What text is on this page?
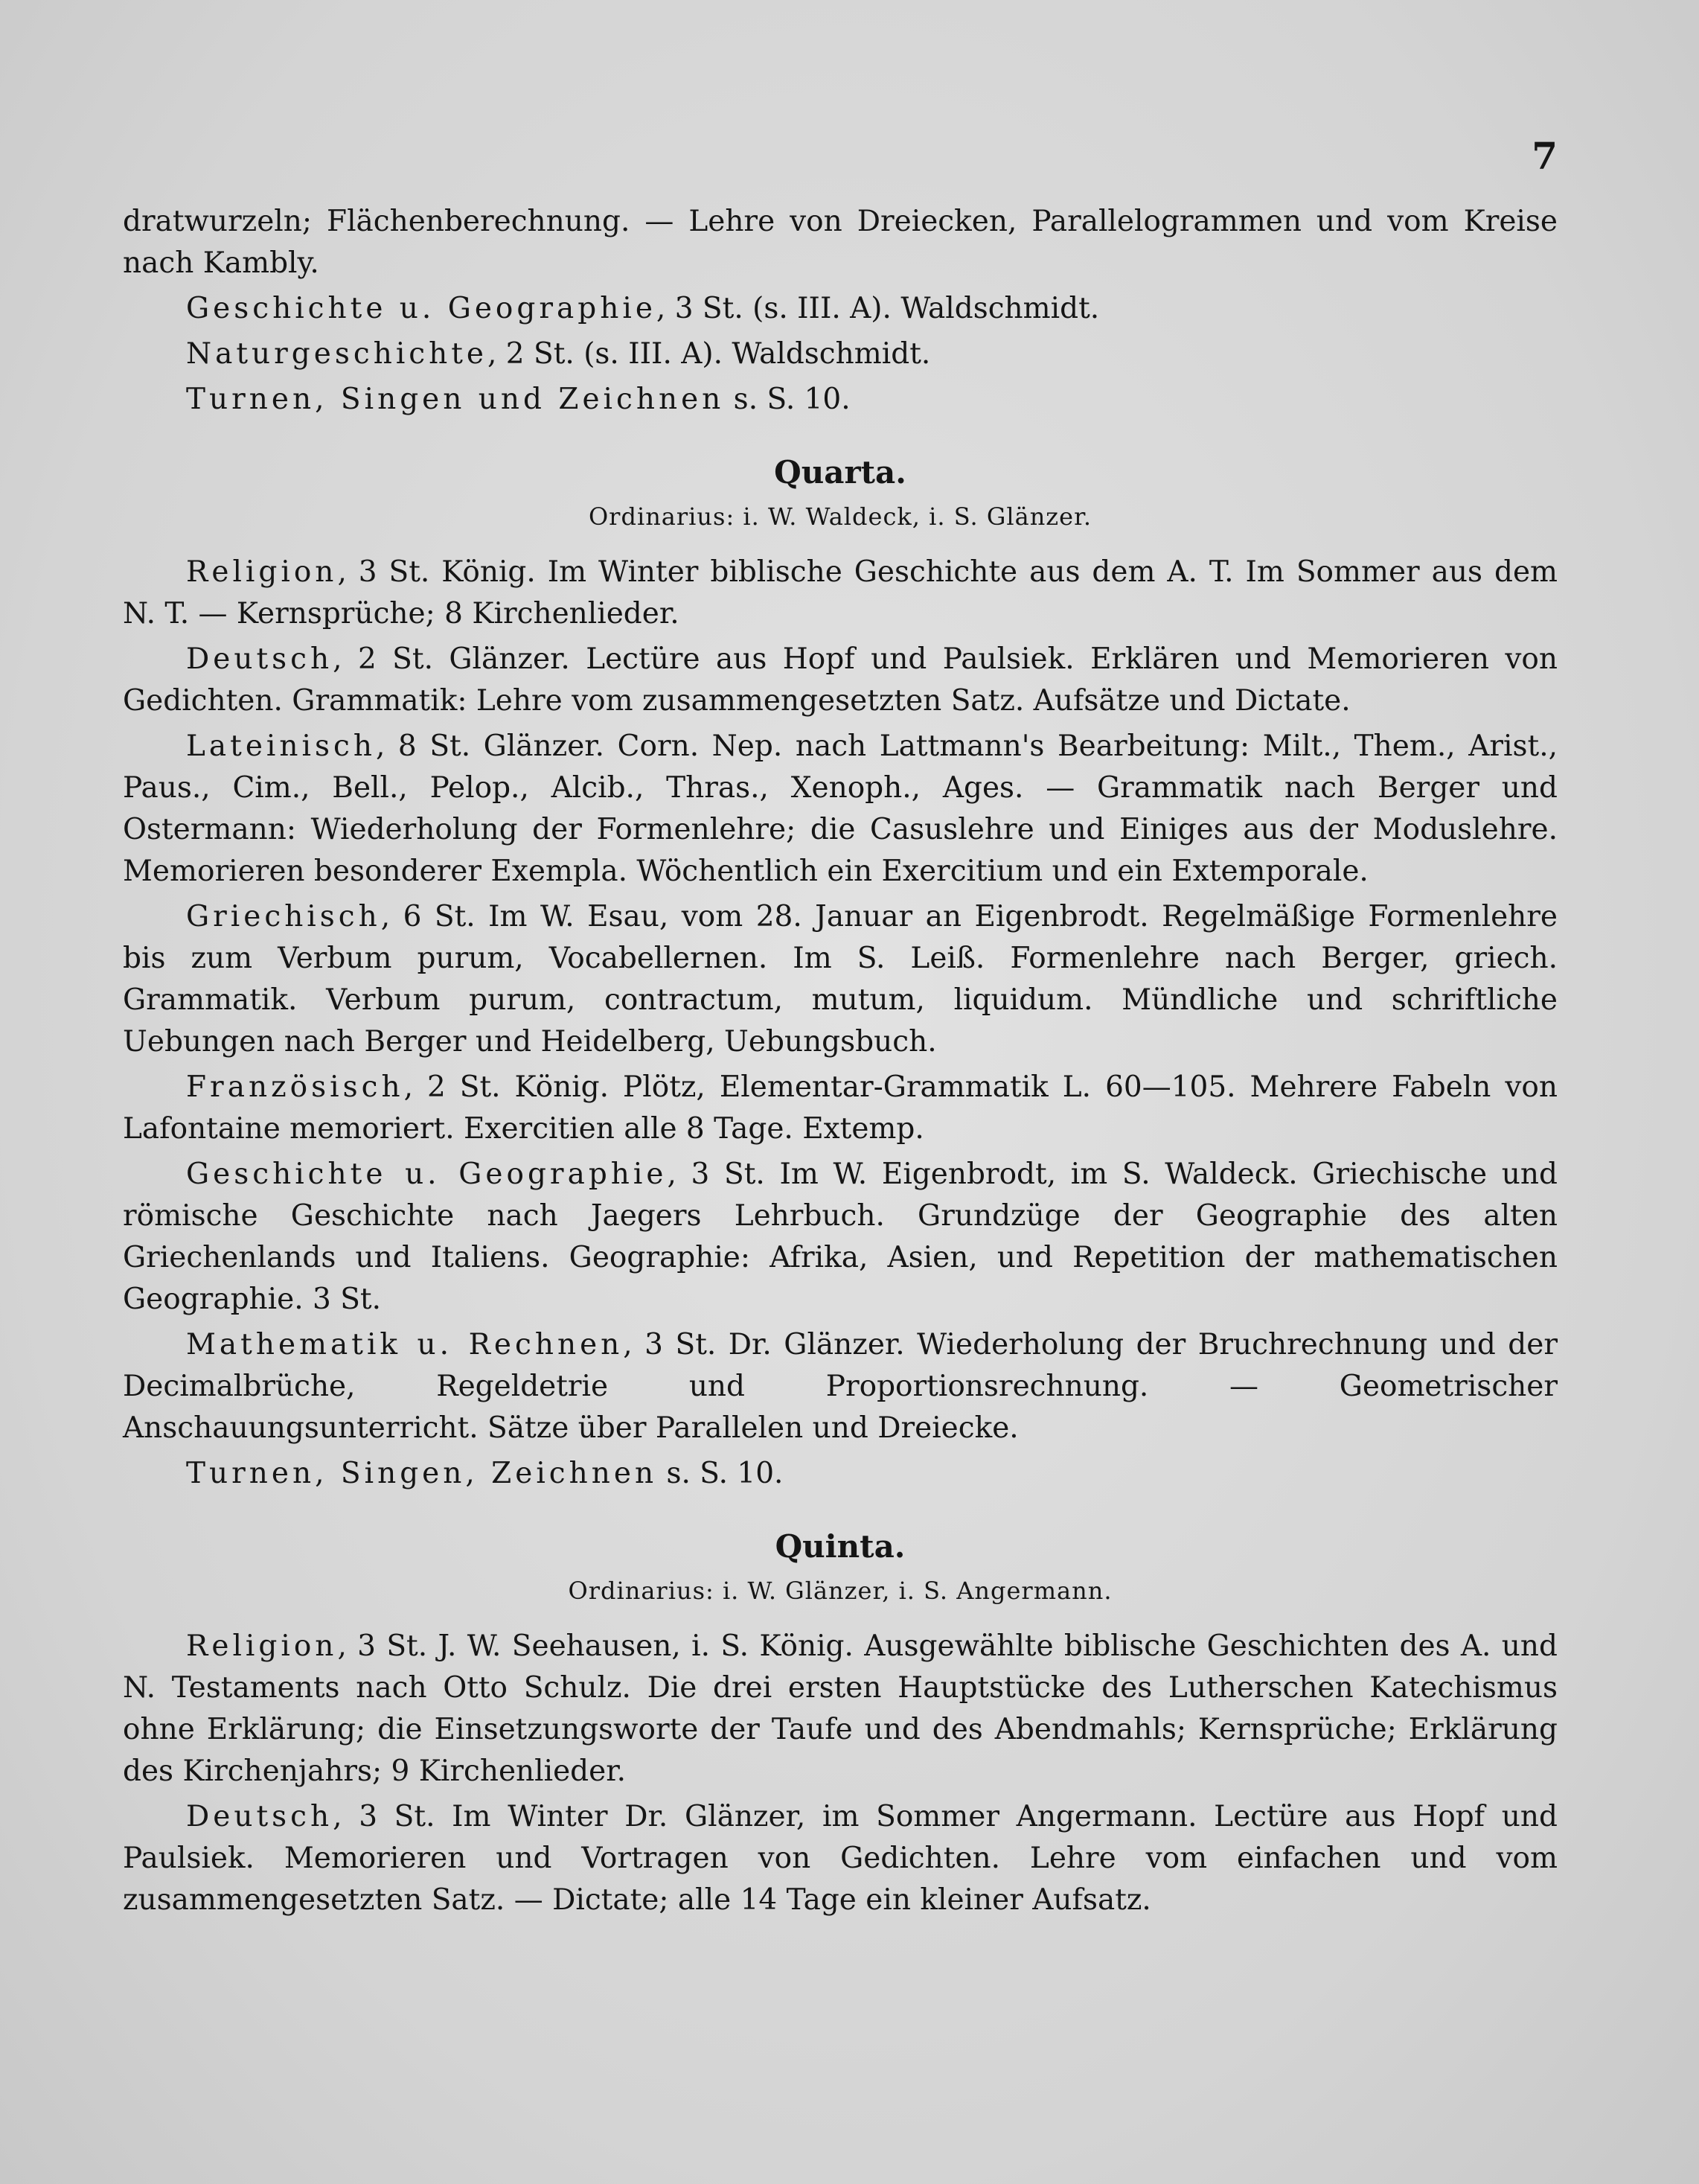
7

dratwurzeln; Flächenberechnung. — Lehre von Dreiecken, Parallelogrammen und vom Kreise nach Kambly.

Geschichte u. Geographie, 3 St. (s. III. A). Waldschmidt.

Naturgeschichte, 2 St. (s. III. A). Waldschmidt.

Turnen, Singen und Zeichnen s. S. 10.

Quarta.
Ordinarius: i. W. Waldeck, i. S. Glänzer.

Religion, 3 St. König. Im Winter biblische Geschichte aus dem A. T. Im Sommer aus dem N. T. — Kernsprüche; 8 Kirchenlieder.

Deutsch, 2 St. Glänzer. Lectüre aus Hopf und Paulsiek. Erklären und Memorieren von Gedichten. Grammatik: Lehre vom zusammengesetzten Satz. Aufsätze und Dictate.

Lateinisch, 8 St. Glänzer. Corn. Nep. nach Lattmann's Bearbeitung: Milt., Them., Arist., Paus., Cim., Bell., Pelop., Alcib., Thras., Xenoph., Ages. — Grammatik nach Berger und Ostermann: Wiederholung der Formenlehre; die Casuslehre und Einiges aus der Moduslehre. Memorieren besonderer Exempla. Wöchentlich ein Exercitium und ein Extemporale.

Griechisch, 6 St. Im W. Esau, vom 28. Januar an Eigenbrodt. Regelmäßige Formenlehre bis zum Verbum purum, Vocabellernen. Im S. Leiß. Formenlehre nach Berger, griech. Grammatik. Verbum purum, contractum, mutum, liquidum. Mündliche und schriftliche Uebungen nach Berger und Heidelberg, Uebungsbuch.

Französisch, 2 St. König. Plötz, Elementar-Grammatik L. 60—105. Mehrere Fabeln von Lafontaine memoriert. Exercitien alle 8 Tage. Extemp.

Geschichte u. Geographie, 3 St. Im W. Eigenbrodt, im S. Waldeck. Griechische und römische Geschichte nach Jaegers Lehrbuch. Grundzüge der Geographie des alten Griechenlands und Italiens. Geographie: Afrika, Asien, und Repetition der mathematischen Geographie. 3 St.

Mathematik u. Rechnen, 3 St. Dr. Glänzer. Wiederholung der Bruchrechnung und der Decimalbrüche, Regeldetrie und Proportionsrechnung. — Geometrischer Anschauungsunterricht. Sätze über Parallelen und Dreiecke.

Turnen, Singen, Zeichnen s. S. 10.

Quinta.
Ordinarius: i. W. Glänzer, i. S. Angermann.

Religion, 3 St. J. W. Seehausen, i. S. König. Ausgewählte biblische Geschichten des A. und N. Testaments nach Otto Schulz. Die drei ersten Hauptstücke des Lutherschen Katechismus ohne Erklärung; die Einsetzungsworte der Taufe und des Abendmahls; Kernsprüche; Erklärung des Kirchenjahrs; 9 Kirchenlieder.

Deutsch, 3 St. Im Winter Dr. Glänzer, im Sommer Angermann. Lectüre aus Hopf und Paulsiek. Memorieren und Vortragen von Gedichten. Lehre vom einfachen und vom zusammengesetzten Satz. — Dictate; alle 14 Tage ein kleiner Aufsatz.
